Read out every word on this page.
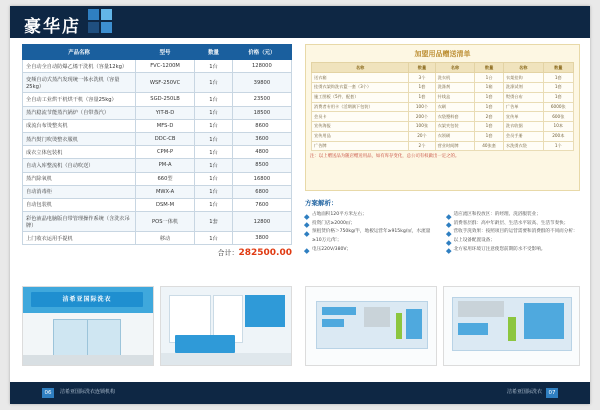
豪华店
产品名称	型号	数量	价格（元）
全自动全自动防爆乙烯干洗机（容量12kg）	FVC-1200M	1台	128000
变频自动式蒸汽发现统一体水洗机（容量25kg）	WSF-250VC	1台	39800
全自动工业烘干机烘干机（容量25kg）	SGD-250LB	1台	23500
蒸汽稳流节能蒸汽锅炉（自带蒸汽）	YIT-B-D	1台	18500
成流台布烫整夹机	MFS-D	1台	8600
蒸汽熨门吹烫整衣服机	DDC-CB	1台	3600
成衣立体包装机	CPM-P	1台	4800
自动入库整流机（自动吹送）	PM-A	1台	8500
蒸汽除氧机	660型	1台	16800
自动消毒柜	MWX-A	1台	6800
自动包装机	DSM-M	1台	7600
彩色液晶电脑版自带管理操作系统（含洗衣吊牌）	POS一体机	1套	12800
上门收衣运用手提机	移动	1台	3800
合计：282500.00
加盟用品赠送清单
名称	数量	名称	数量	名称	数量
送衣箱	3个	洗衣机	1台	衣架挂钩	1套
挂烫衣架钩洗衣篮一套（3个）	1套	洗涤剂	1箱	洗涤试剂	1套
施工图板（5件、配套）	1套	针线盒	1套	熨烫台布	1套
消费者专用卡（活期满下包装）	100个	衣刷	1套	广告单	6000张
会员卡	200个	衣袋塑料套	2套	宣传单	600张
宣传海报	100张	衣架夹包装	1套	洗衣收据	10本
宣传用品	20个	衣领刷	1套	会员手册	200本
广告牌	2个	营业时间牌	40张套	水洗烫衣袋	1个
注：以上赠送品为随店赠送用品，如有库存变化，总公司有权做出一定之的。
方案解析：
占地面积120平方米左右；
投资门店≥2000㎡；
预租赁价格＞750kg/半，地板运营年≥915kg/㎡，水流量≥10万元/年；
电压220V/380V；
适应流区和投放区：的经理、洗浴服装业；
消费客层群：高中年龄层、生活水平较高、生活节奏快；
营收手洗效果：按照项目的运营需要和消费群的不同而分析：
以上设备配置设备；
北方家用环境订注意使您前期防水不受影响。
洁希亚国际洗衣
06	洁希亚国际洗衣连锁机构	07
洁希亚国际洗衣
